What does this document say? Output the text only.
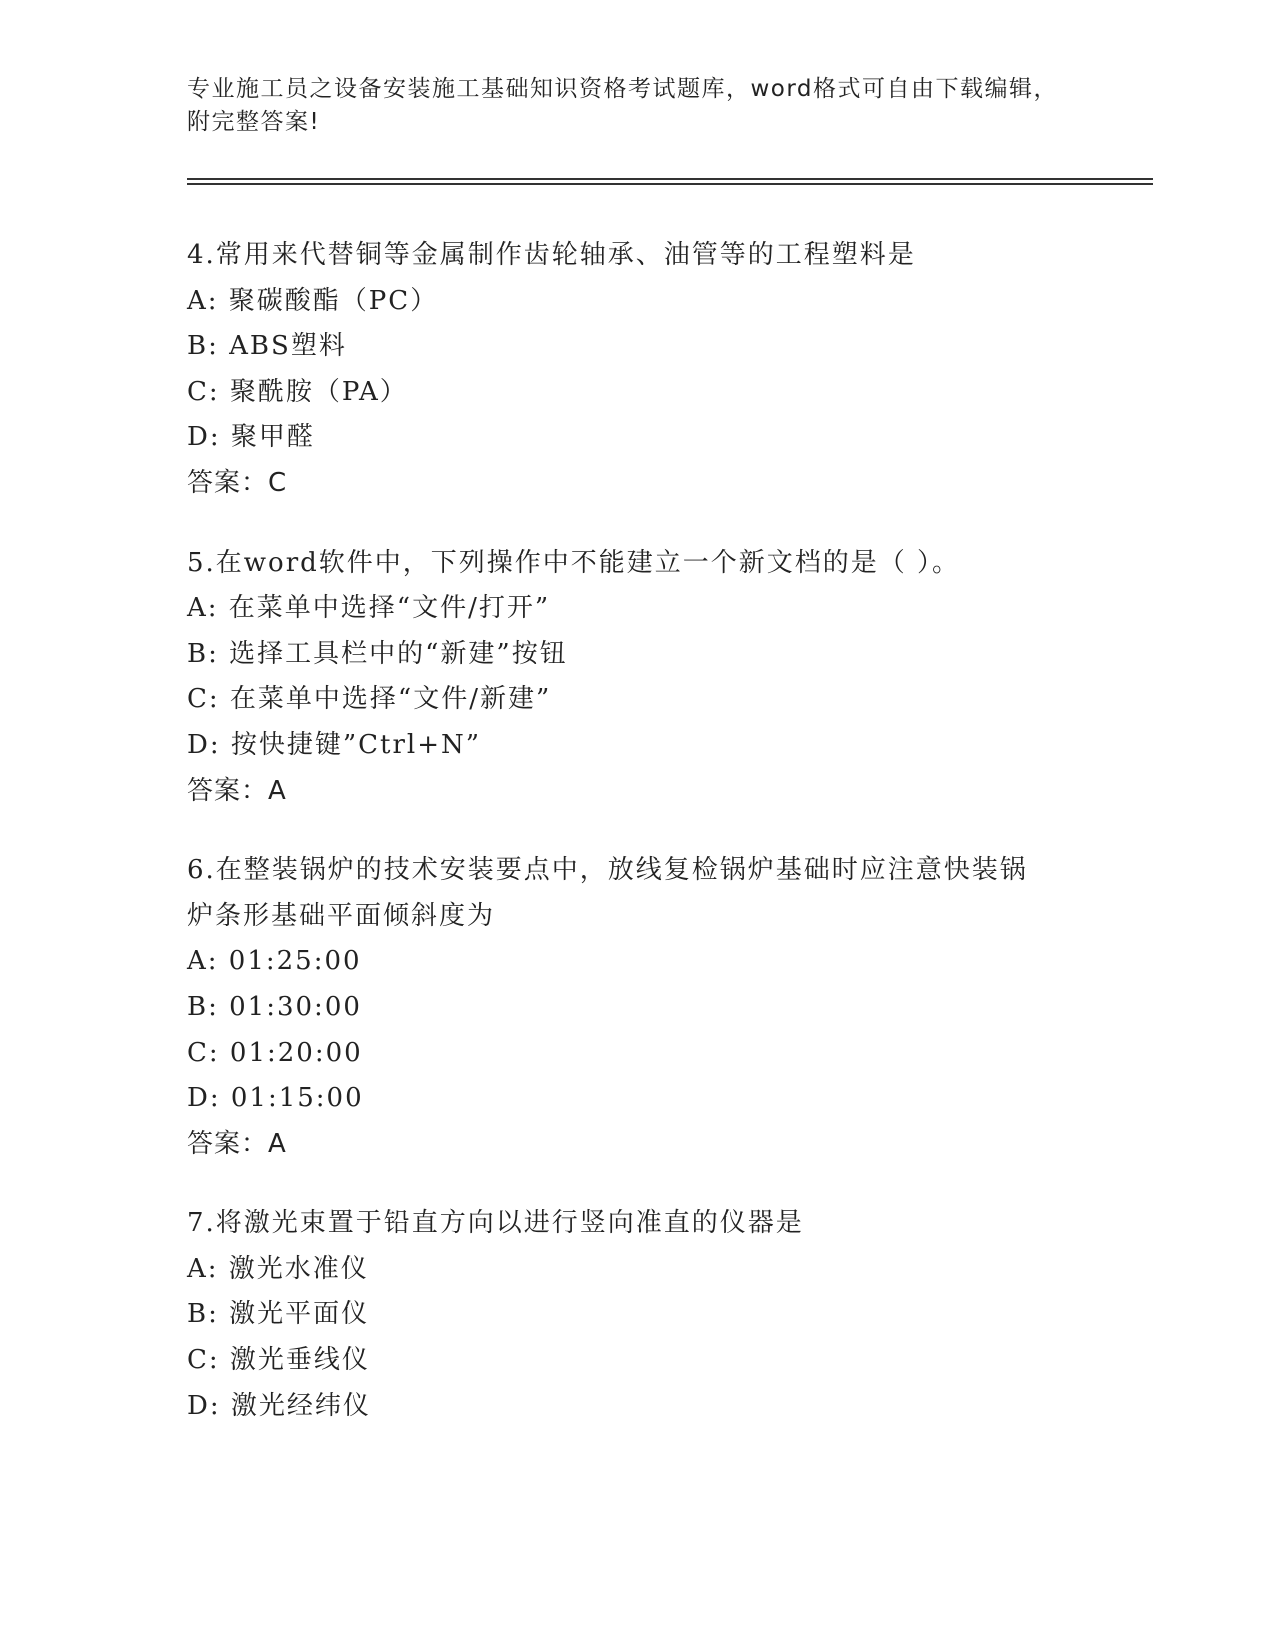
专业施工员之设备安装施工基础知识资格考试题库，word格式可自由下载编辑，
附完整答案!
4.常用来代替铜等金属制作齿轮轴承、油管等的工程塑料是
A: 聚碳酸酯（PC）
B: ABS塑料
C: 聚酰胺（PA）
D: 聚甲醛
答案：C
5.在word软件中，下列操作中不能建立一个新文档的是（ ）。
A: 在菜单中选择“文件/打开”
B: 选择工具栏中的“新建”按钮
C: 在菜单中选择“文件/新建”
D: 按快捷键”Ctrl+N”
答案：A
6.在整装锅炉的技术安装要点中，放线复检锅炉基础时应注意快装锅
炉条形基础平面倾斜度为
A: 01:25:00
B: 01:30:00
C: 01:20:00
D: 01:15:00
答案：A
7.将激光束置于铅直方向以进行竖向准直的仪器是
A: 激光水准仪
B: 激光平面仪
C: 激光垂线仪
D: 激光经纬仪
